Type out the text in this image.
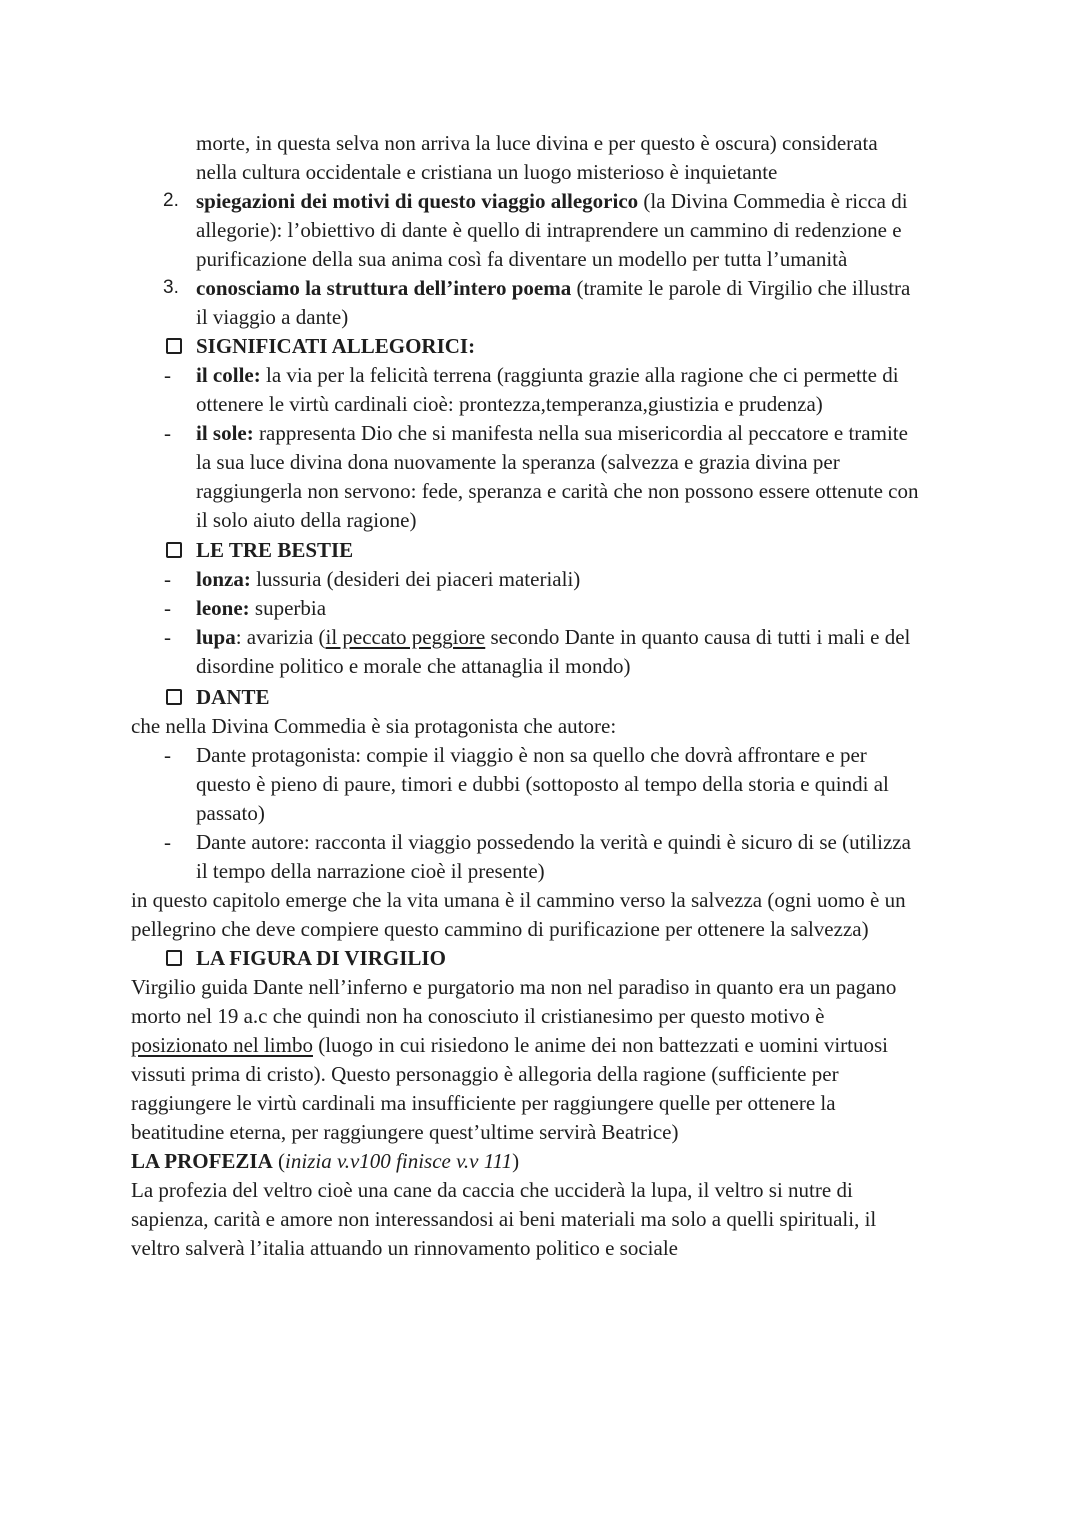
morte, in questa selva non arriva la luce divina e per questo è oscura) considerata
nella cultura occidentale e cristiana un luogo misterioso è inquietante
2. spiegazioni dei motivi di questo viaggio allegorico (la Divina Commedia è ricca di
allegorie): l’obiettivo di dante è quello di intraprendere un cammino di redenzione e
purificazione della sua anima così fa diventare un modello per tutta l’umanità
3. conosciamo la struttura dell’intero poema (tramite le parole di Virgilio che illustra
il viaggio a dante)
SIGNIFICATI ALLEGORICI:
- il colle: la via per la felicità terrena (raggiunta grazie alla ragione che ci permette di
ottenere le virtù cardinali cioè: prontezza,temperanza,giustizia e prudenza)
- il sole: rappresenta Dio che si manifesta nella sua misericordia al peccatore e tramite
la sua luce divina dona nuovamente la speranza (salvezza e grazia divina per
raggiungerla non servono: fede, speranza e carità che non possono essere ottenute con
il solo aiuto della ragione)
LE TRE BESTIE
- lonza: lussuria (desideri dei piaceri materiali)
- leone: superbia
- lupa: avarizia (il peccato peggiore secondo Dante in quanto causa di tutti i mali e del
disordine politico e morale che attanaglia il mondo)
DANTE
che nella Divina Commedia è sia protagonista che autore:
- Dante protagonista: compie il viaggio è non sa quello che dovrà affrontare e per
questo è pieno di paure, timori e dubbi (sottoposto al tempo della storia e quindi al
passato)
- Dante autore: racconta il viaggio possedendo la verità e quindi è sicuro di se (utilizza
il tempo della narrazione cioè il presente)
in questo capitolo emerge che la vita umana è il cammino verso la salvezza (ogni uomo è un
pellegrino che deve compiere questo cammino di purificazione per ottenere la salvezza)
LA FIGURA DI VIRGILIO
Virgilio guida Dante nell’inferno e purgatorio ma non nel paradiso in quanto era un pagano
morto nel 19 a.c che quindi non ha conosciuto il cristianesimo per questo motivo è
posizionato nel limbo (luogo in cui risiedono le anime dei non battezzati e uomini virtuosi
vissuti prima di cristo). Questo personaggio è allegoria della ragione (sufficiente per
raggiungere le virtù cardinali ma insufficiente per raggiungere quelle per ottenere la
beatitudine eterna, per raggiungere quest’ultime servirà Beatrice)
LA PROFEZIA (inizia v.v100 finisce v.v 111)
La profezia del veltro cioè una cane da caccia che ucciderà la lupa, il veltro si nutre di
sapienza, carità e amore non interessandosi ai beni materiali ma solo a quelli spirituali, il
veltro salverà l’italia attuando un rinnovamento politico e sociale
